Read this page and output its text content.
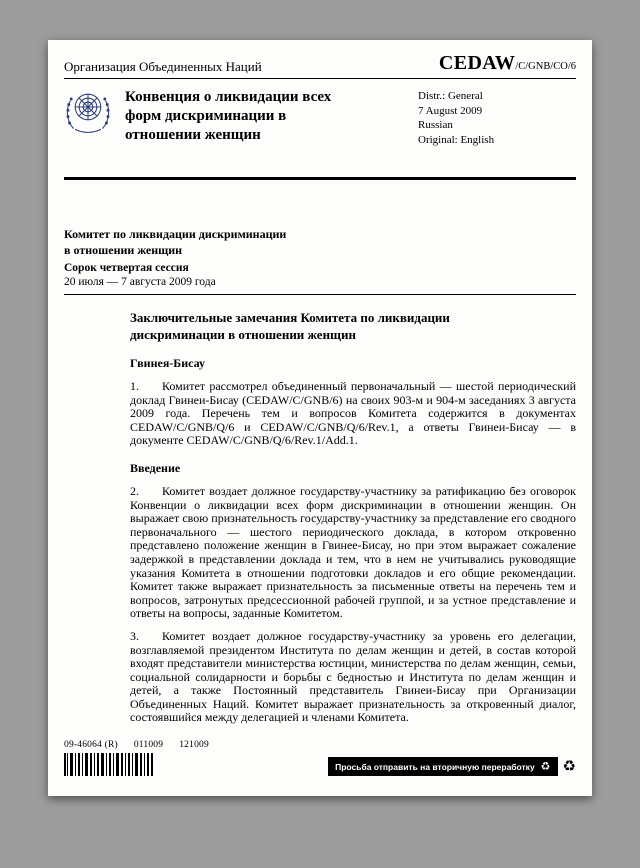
Организация Объединенных Наций	CEDAW/C/GNB/CO/6
Конвенция о ликвидации всех
форм дискриминации в
отношении женщин
Distr.: General
7 August 2009
Russian
Original: English
Комитет по ликвидации дискриминации
в отношении женщин
Сорок четвертая сессия
20 июля — 7 августа 2009 года
Заключительные замечания Комитета по ликвидации
дискриминации в отношении женщин
Гвинея-Бисау

1. Комитет рассмотрел объединенный первоначальный — шестой периодический доклад Гвинеи-Бисау (CEDAW/C/GNB/6) на своих 903-м и 904-м заседаниях 3 августа 2009 года. Перечень тем и вопросов Комитета содержится в документах CEDAW/C/GNB/Q/6 и CEDAW/C/GNB/Q/6/Rev.1, а ответы Гвинеи-Бисау — в документе CEDAW/C/GNB/Q/6/Rev.1/Add.1.

Введение

2. Комитет воздает должное государству-участнику за ратификацию без оговорок Конвенции о ликвидации всех форм дискриминации в отношении женщин. Он выражает свою признательность государству-участнику за представление его сводного первоначального — шестого периодического доклада, в котором откровенно представлено положение женщин в Гвинее-Бисау, но при этом выражает сожаление задержкой в представлении доклада и тем, что в нем не учитывались руководящие указания Комитета в отношении подготовки докладов и его общие рекомендации. Комитет также выражает признательность за письменные ответы на перечень тем и вопросов, затронутых предсессионной рабочей группой, и за устное представление и ответы на вопросы, заданные Комитетом.

3. Комитет воздает должное государству-участнику за уровень его делегации, возглавляемой президентом Института по делам женщин и детей, в состав которой входят представители министерства юстиции, министерства по делам женщин, семьи, социальной солидарности и борьбы с бедностью и Института по делам женщин и детей, а также Постоянный представитель Гвинеи-Бисау при Организации Объединенных Наций. Комитет выражает признательность за откровенный диалог, состоявшийся между делегацией и членами Комитета.

09-46064 (R) 011009 121009
Просьба отправить на вторичную переработку ♻ ♻
